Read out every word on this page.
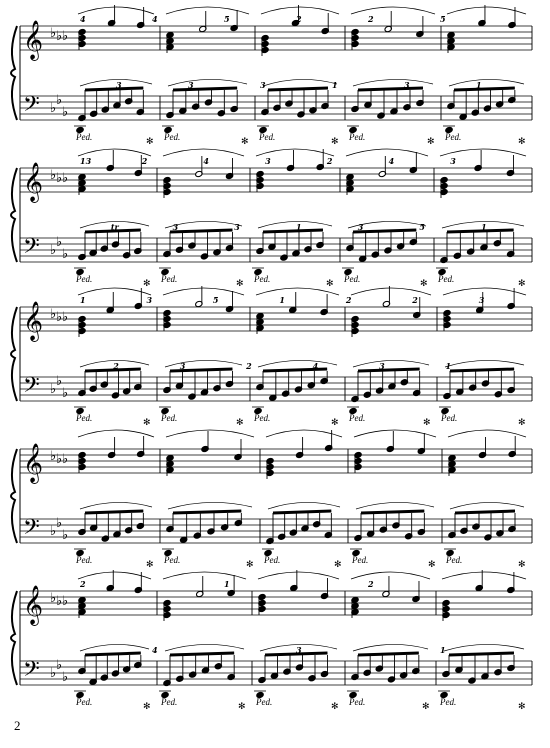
𝄞
𝄢
♭ ♭ ♭
♭
♭
♭
4
3
4
3
5
3
2
1
2
3
5
1
Ped.	✻ Ped.	✻ Ped.	✻ Ped.	✻ Ped.	✻
𝄞
𝄢
♭ ♭ ♭
♭
♭
♭
13
tr
2
3
4
3
3
1
2
3
4
5
3
1
Ped.	✻ Ped.	✻ Ped.	✻ Ped.	✻ Ped.	✻
𝄞
𝄢
♭ ♭ ♭
♭
♭
♭
1
2
3
3
5
2
1
4
2
3
2
1
3
Ped.	✻ Ped.	✻ Ped.	✻ Ped.	✻ Ped.	✻
𝄞
𝄢
♭ ♭ ♭
♭
♭
♭
Ped.	✻ Ped.	✻ Ped.	✻ Ped.	✻ Ped.	✻
𝄞
𝄢
♭ ♭ ♭
♭
♭
♭
2
4
1
3
2
1
Ped.	✻ Ped.	✻ Ped.	✻ Ped.	✻ Ped.	✻
2
